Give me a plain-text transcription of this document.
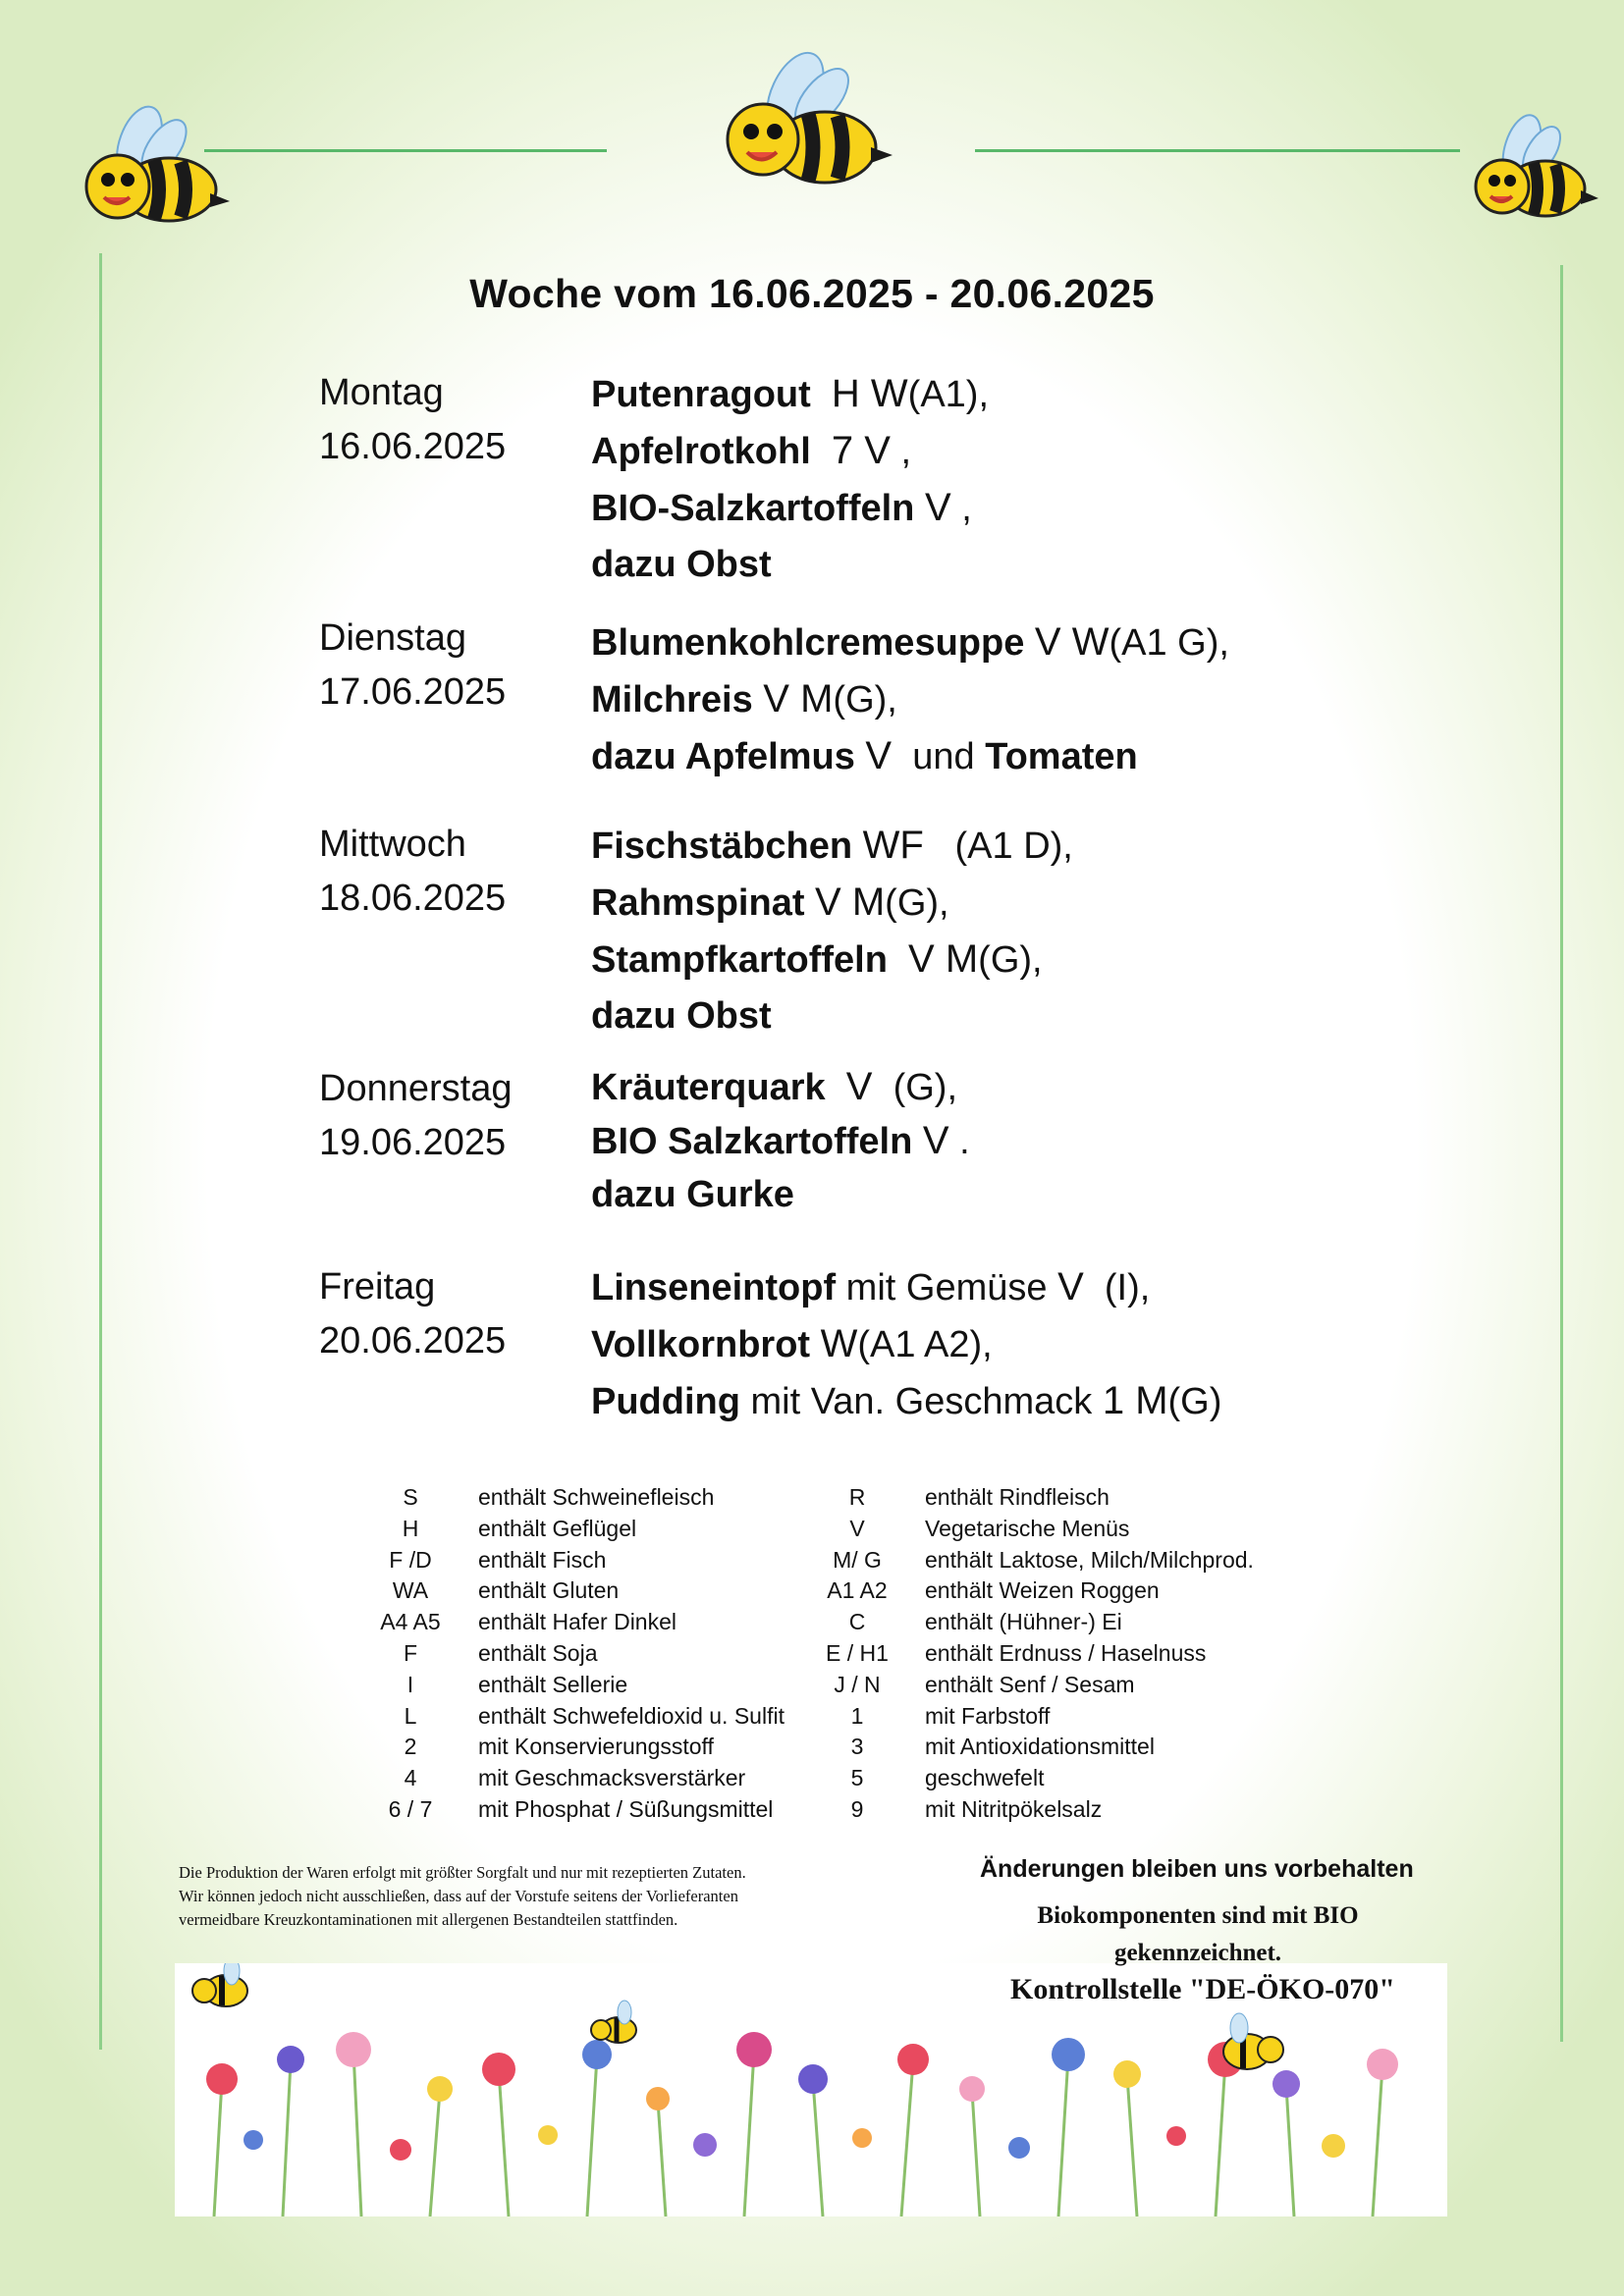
Woche vom 16.06.2025 - 20.06.2025
Montag
16.06.2025
Putenragout H W(A1),
Apfelrotkohl 7 V ,
BIO-Salzkartoffeln V ,
dazu Obst
Dienstag
17.06.2025
Blumenkohlcremesuppe V W(A1 G),
Milchreis V M(G),
dazu Apfelmus V und Tomaten
Mittwoch
18.06.2025
Fischstäbchen WF (A1 D),
Rahmspinat V M(G),
Stampfkartoffeln V M(G),
dazu Obst
Donnerstag
19.06.2025
Kräuterquark V (G),
BIO Salzkartoffeln V .
dazu Gurke
Freitag
20.06.2025
Linseneintopf mit Gemüse V (I),
Vollkornbrot W(A1 A2),
Pudding mit Van. Geschmack 1 M(G)
S	enthält Schweinefleisch
H	enthält Geflügel
F /D	enthält Fisch
WA	enthält Gluten
A4 A5	enthält Hafer Dinkel
F	enthält Soja
I	enthält Sellerie
L	enthält Schwefeldioxid u. Sulfit
2	mit Konservierungsstoff
4	mit Geschmacksverstärker
6 / 7	mit Phosphat / Süßungsmittel
R	enthält Rindfleisch
V	Vegetarische Menüs
M/ G	enthält Laktose, Milch/Milchprod.
A1 A2	enthält Weizen Roggen
C	enthält (Hühner-) Ei
E / H1	enthält Erdnuss / Haselnuss
J / N	enthält Senf / Sesam
1	mit Farbstoff
3	mit Antioxidationsmittel
5	geschwefelt
9	mit Nitritpökelsalz
Die Produktion der Waren erfolgt mit größter Sorgfalt und nur mit rezeptierten Zutaten.
Wir können jedoch nicht ausschließen, dass auf der Vorstufe seitens der Vorlieferanten
vermeidbare Kreuzkontaminationen mit allergenen Bestandteilen stattfinden.
Änderungen bleiben uns vorbehalten
Biokomponenten sind mit BIO
gekennzeichnet.
Kontrollstelle "DE-ÖKO-070"
